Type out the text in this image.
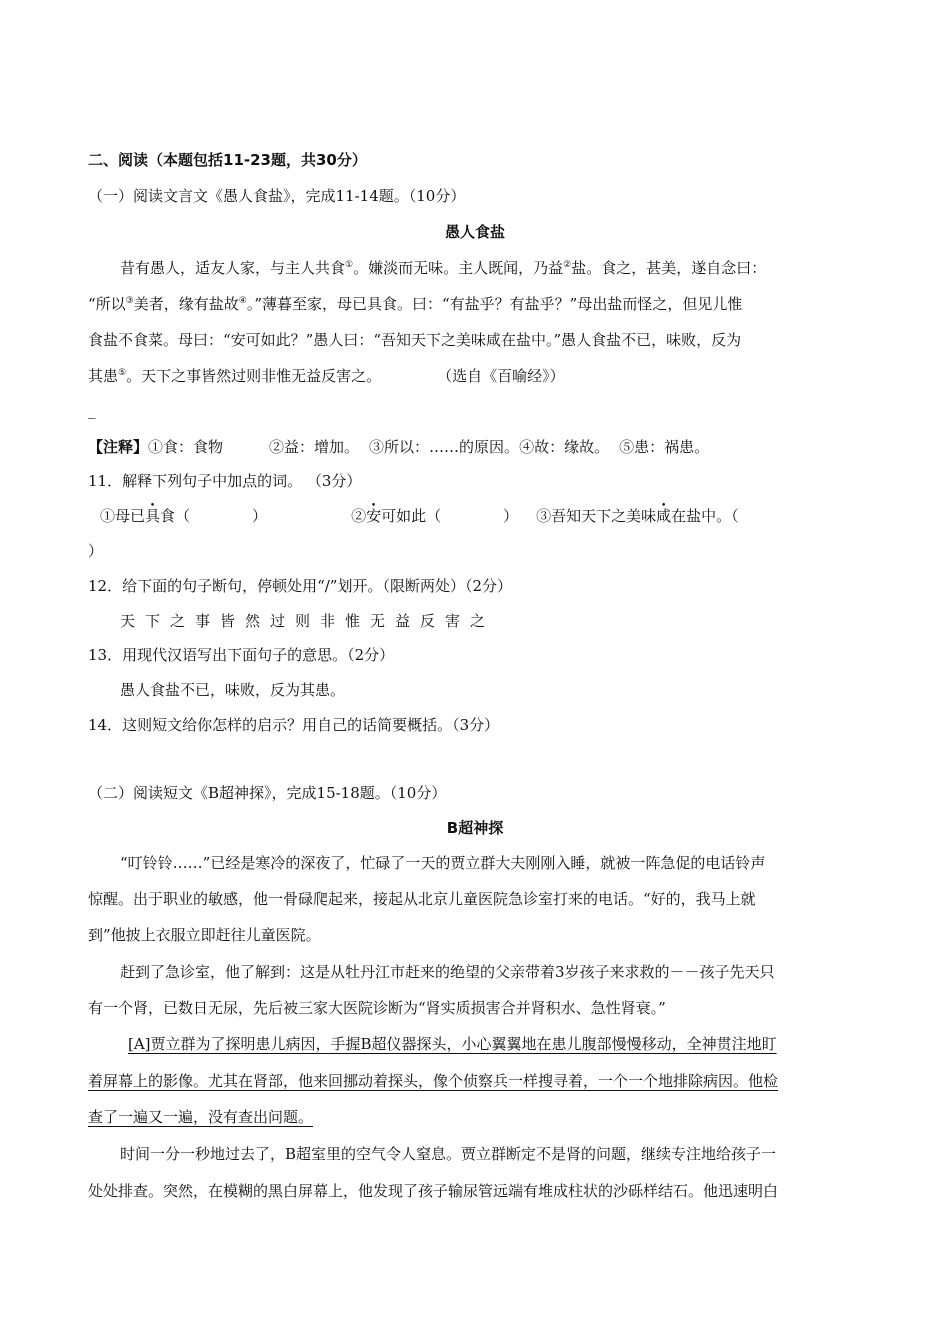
二、阅读（本题包括11-23题，共30分）
（一）阅读文言文《愚人食盐》，完成11-14题。（10分）
愚人食盐
昔有愚人，适友人家，与主人共食①。嫌淡而无味。主人既闻，乃益②盐。食之，甚美，遂自念曰：
“所以③美者，缘有盐故④。”薄暮至家，母已具食。曰：“有盐乎？有盐乎？”母出盐而怪之，但见儿惟
食盐不食菜。母曰：“安可如此？”愚人曰：“吾知天下之美味咸在盐中。”愚人食盐不已，味败，反为
其患⑤。天下之事皆然过则非惟无益反害之。	（选自《百喻经》）
_
【注释】①食：食物	②益：增加。 ③所以：……的原因。④故：缘故。 ⑤患：祸患。
11．解释下列句子中加点的词。 （3分）
①母已具食（	）	②安可如此（	） ③吾知天下之美味咸在盐中。（
）
12．给下面的句子断句，停顿处用“/”划开。（限断两处）（2分）
天下之事皆然过则非惟无益反害之
13．用现代汉语写出下面句子的意思。（2分）
愚人食盐不已，味败，反为其患。
14．这则短文给你怎样的启示？用自己的话简要概括。（3分）
（二）阅读短文《B超神探》，完成15-18题。（10分）
B超神探
“叮铃铃……”已经是寒冷的深夜了，忙碌了一天的贾立群大夫刚刚入睡，就被一阵急促的电话铃声
惊醒。出于职业的敏感，他一骨碌爬起来，接起从北京儿童医院急诊室打来的电话。“好的，我马上就
到”他披上衣服立即赶往儿童医院。
赶到了急诊室，他了解到：这是从牡丹江市赶来的绝望的父亲带着3岁孩子来求救的－－孩子先天只
有一个肾，已数日无尿，先后被三家大医院诊断为“肾实质损害合并肾积水、急性肾衰。”
[A]贾立群为了探明患儿病因，手握B超仪器探头，小心翼翼地在患儿腹部慢慢移动，全神贯注地盯
着屏幕上的影像。尤其在肾部，他来回挪动着探头，像个侦察兵一样搜寻着，一个一个地排除病因。他检
查了一遍又一遍，没有查出问题。
时间一分一秒地过去了，B超室里的空气令人窒息。贾立群断定不是肾的问题，继续专注地给孩子一
处处排查。突然，在模糊的黑白屏幕上，他发现了孩子输尿管远端有堆成柱状的沙砾样结石。他迅速明白
